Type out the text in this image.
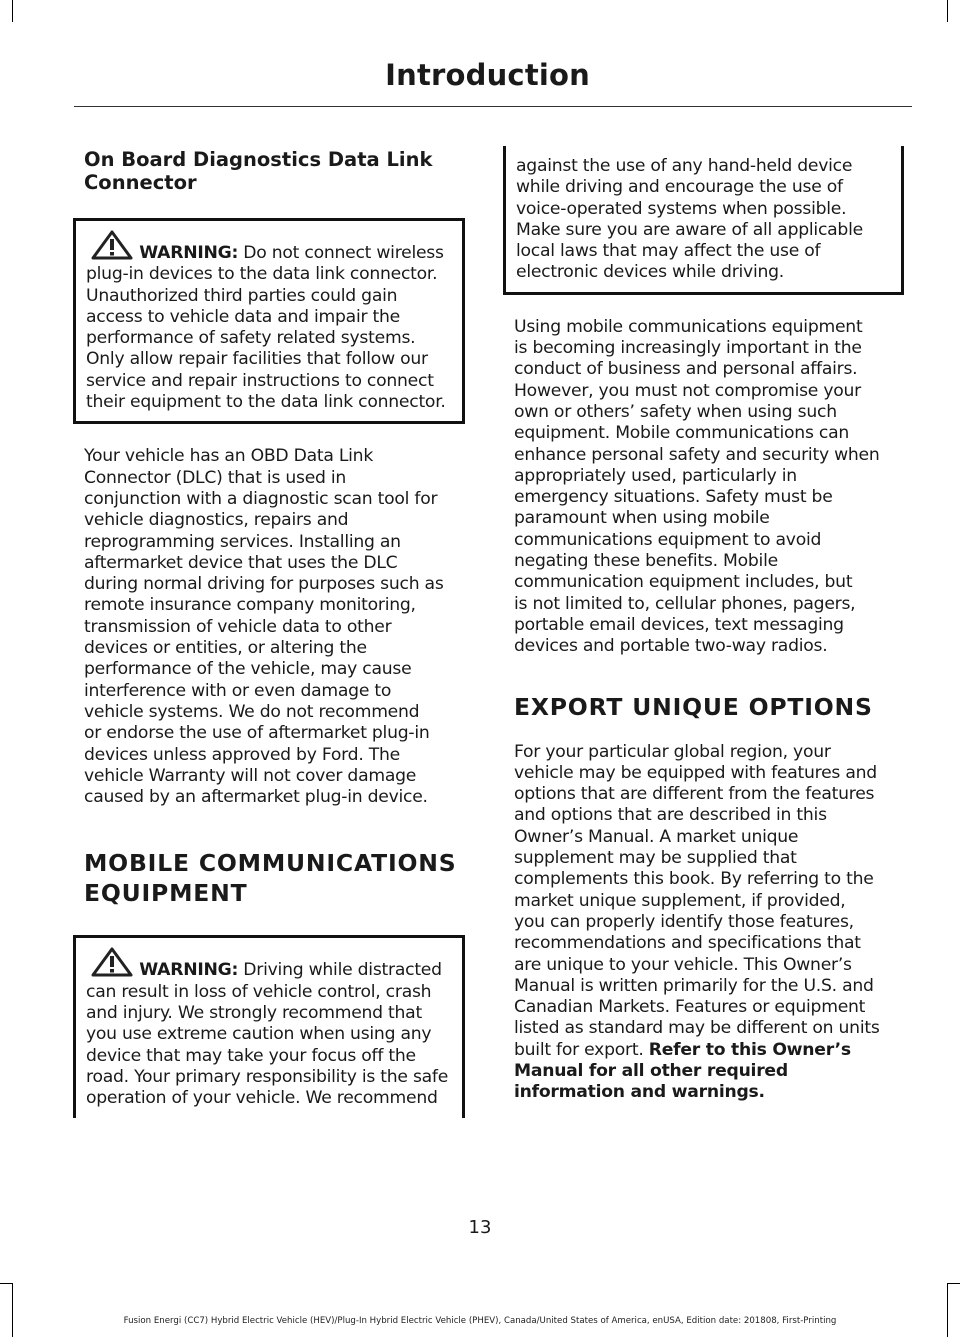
Introduction
On Board Diagnostics Data Link
Connector

WARNING: Do not connect wireless
plug-in devices to the data link connector.
Unauthorized third parties could gain
access to vehicle data and impair the
performance of safety related systems.
Only allow repair facilities that follow our
service and repair instructions to connect
their equipment to the data link connector.

Your vehicle has an OBD Data Link
Connector (DLC) that is used in
conjunction with a diagnostic scan tool for
vehicle diagnostics, repairs and
reprogramming services. Installing an
aftermarket device that uses the DLC
during normal driving for purposes such as
remote insurance company monitoring,
transmission of vehicle data to other
devices or entities, or altering the
performance of the vehicle, may cause
interference with or even damage to
vehicle systems. We do not recommend
or endorse the use of aftermarket plug-in
devices unless approved by Ford. The
vehicle Warranty will not cover damage
caused by an aftermarket plug-in device.

MOBILE COMMUNICATIONS
EQUIPMENT

WARNING: Driving while distracted
can result in loss of vehicle control, crash
and injury. We strongly recommend that
you use extreme caution when using any
device that may take your focus off the
road. Your primary responsibility is the safe
operation of your vehicle. We recommend

against the use of any hand-held device
while driving and encourage the use of
voice-operated systems when possible.
Make sure you are aware of all applicable
local laws that may affect the use of
electronic devices while driving.

Using mobile communications equipment
is becoming increasingly important in the
conduct of business and personal affairs.
However, you must not compromise your
own or others’ safety when using such
equipment. Mobile communications can
enhance personal safety and security when
appropriately used, particularly in
emergency situations. Safety must be
paramount when using mobile
communications equipment to avoid
negating these benefits. Mobile
communication equipment includes, but
is not limited to, cellular phones, pagers,
portable email devices, text messaging
devices and portable two-way radios.

EXPORT UNIQUE OPTIONS

For your particular global region, your
vehicle may be equipped with features and
options that are different from the features
and options that are described in this
Owner’s Manual. A market unique
supplement may be supplied that
complements this book. By referring to the
market unique supplement, if provided,
you can properly identify those features,
recommendations and specifications that
are unique to your vehicle. This Owner’s
Manual is written primarily for the U.S. and
Canadian Markets. Features or equipment
listed as standard may be different on units
built for export. Refer to this Owner’s
Manual for all other required
information and warnings.

13

Fusion Energi (CC7) Hybrid Electric Vehicle (HEV)/Plug-In Hybrid Electric Vehicle (PHEV), Canada/United States of America, enUSA, Edition date: 201808, First-Printing
